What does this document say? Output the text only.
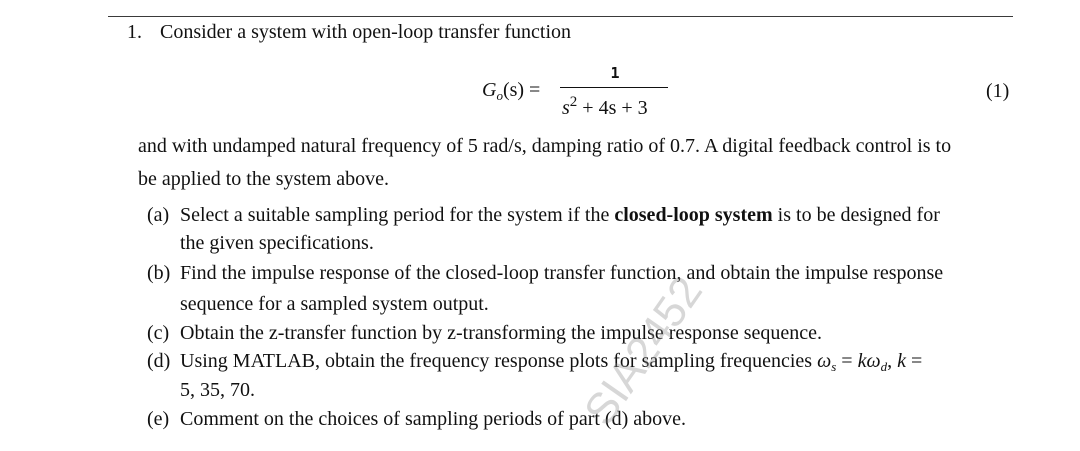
1. Consider a system with open-loop transfer function
$G_o(s)$ =
1
$s^2 + 4s + 3$
(1)
and with undamped natural frequency of 5 rad/s, damping ratio of 0.7. A digital feedback control is to
be applied to the system above.
(a) Select a suitable sampling period for the system if the closed-loop system is to be designed for
the given specifications.
(b) Find the impulse response of the closed-loop transfer function, and obtain the impulse response
sequence for a sampled system output.
(c) Obtain the z-transfer function by z-transforming the impulse response sequence.
(d) Using MATLAB, obtain the frequency response plots for sampling frequencies $\omega_s = k\omega_d$, k =
5, 35, 70.
(e) Comment on the choices of sampling periods of part (d) above.
SIA2452
